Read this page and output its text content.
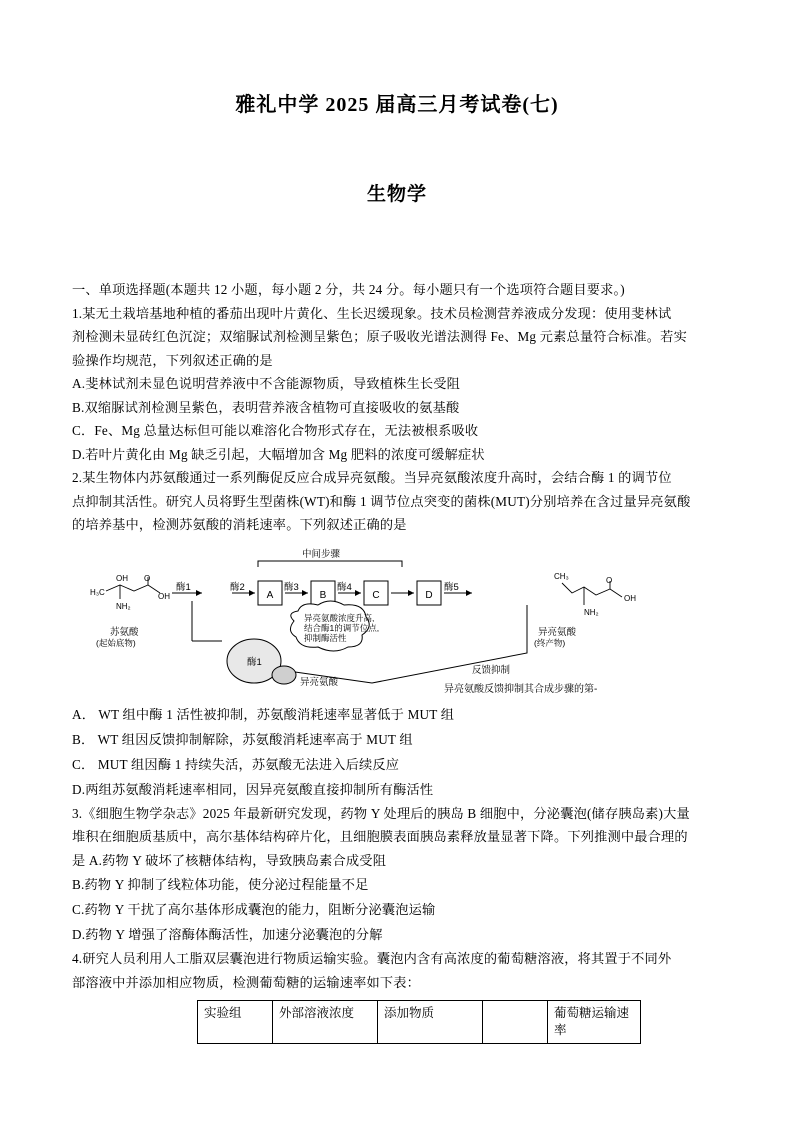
雅礼中学 2025 届高三月考试卷(七)
生物学

一、单项选择题(本题共 12 小题，每小题 2 分，共 24 分。每小题只有一个选项符合题目要求。)

1.某无土栽培基地种植的番茄出现叶片黄化、生长迟缓现象。技术员检测营养液成分发现：使用斐林试

剂检测未显砖红色沉淀；双缩脲试剂检测呈紫色；原子吸收光谱法测得 Fe、Mg 元素总量符合标准。若实

验操作均规范，下列叙述正确的是

A.斐林试剂未显色说明营养液中不含能源物质，导致植株生长受阻

B.双缩脲试剂检测呈紫色，表明营养液含植物可直接吸收的氨基酸

C．Fe、Mg 总量达标但可能以难溶化合物形式存在，无法被根系吸收

D.若叶片黄化由 Mg 缺乏引起，大幅增加含 Mg 肥料的浓度可缓解症状

2.某生物体内苏氨酸通过一系列酶促反应合成异亮氨酸。当异亮氨酸浓度升高时，会结合酶 1 的调节位

点抑制其活性。研究人员将野生型菌株(WT)和酶 1 调节位点突变的菌株(MUT)分别培养在含过量异亮氨酸

的培养基中，检测苏氨酸的消耗速率。下列叙述正确的是

异亮氨酸浓度升高,
结合酶1的调节位点,
抑制酶活性
中间步骤
苏氨酸
(起始底物)
异亮氨酸
(终产物)
酶1	酶2	酶3	酶4	酶5
酶1
异亮氨酸
反馈抑制
A	B	C	D
H₃C
OH O
OH
NH₂
CH₃	O
OH
NH₂
异亮氨酸反馈抑制其合成步骤的第-

A． WT 组中酶 1 活性被抑制，苏氨酸消耗速率显著低于 MUT 组

B． WT 组因反馈抑制解除，苏氨酸消耗速率高于 MUT 组

C． MUT 组因酶 1 持续失活，苏氨酸无法进入后续反应

D.两组苏氨酸消耗速率相同，因异亮氨酸直接抑制所有酶活性

3.《细胞生物学杂志》2025 年最新研究发现，药物 Y 处理后的胰岛 B 细胞中，分泌囊泡(储存胰岛素)大量

堆积在细胞质基质中，高尔基体结构碎片化，且细胞膜表面胰岛素释放量显著下降。下列推测中最合理的

是 A.药物 Y 破坏了核糖体结构，导致胰岛素合成受阻

B.药物 Y 抑制了线粒体功能，使分泌过程能量不足

C.药物 Y 干扰了高尔基体形成囊泡的能力，阻断分泌囊泡运输

D.药物 Y 增强了溶酶体酶活性，加速分泌囊泡的分解

4.研究人员利用人工脂双层囊泡进行物质运输实验。囊泡内含有高浓度的葡萄糖溶液，将其置于不同外

部溶液中并添加相应物质，检测葡萄糖的运输速率如下表：

实验组	外部溶液浓度	添加物质		葡萄糖运输速率
